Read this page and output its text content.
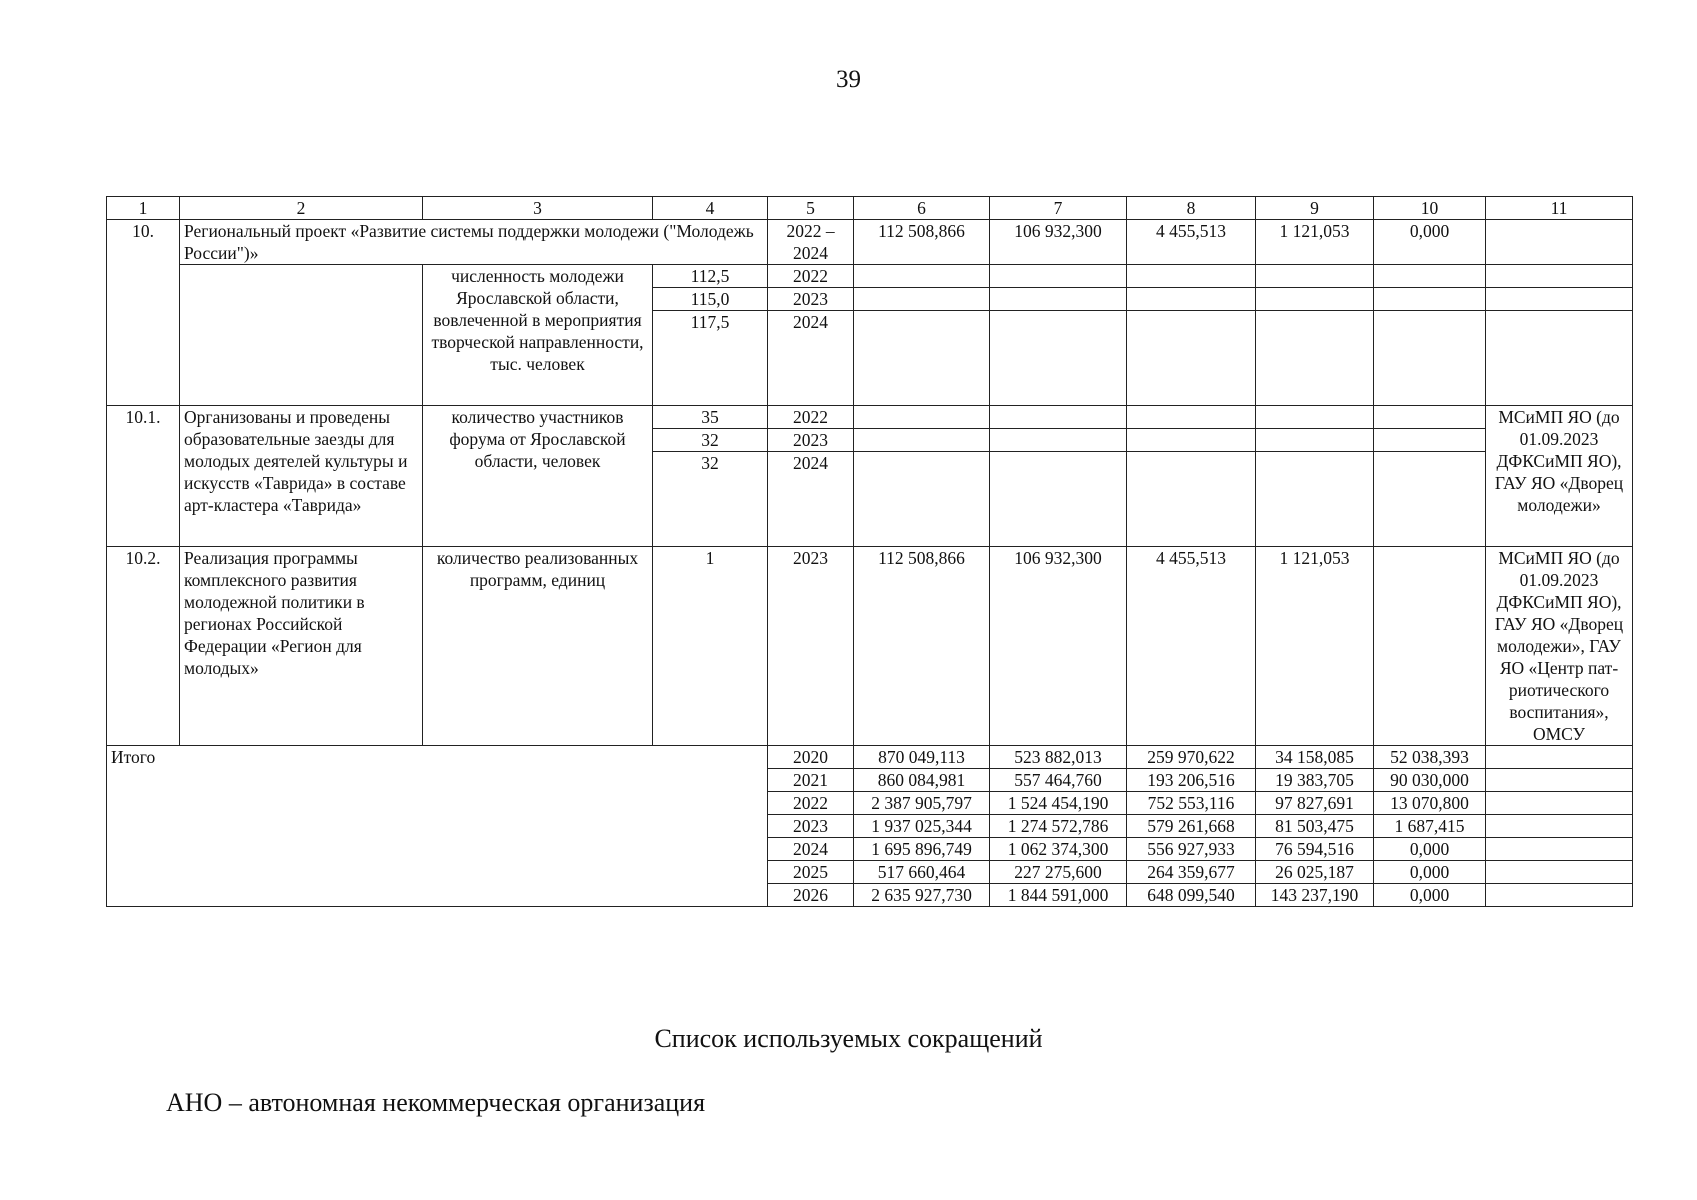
39
1	2	3	4	5	6	7	8	9	10	11
10.	Региональный проект «Развитие системы поддержки молодежи ("Молодежь России")»			2022 – 2024	112 508,866	106 932,300	4 455,513	1 121,053	0,000	
		численность молодежи Ярославской области, вовлеченной в мероприятия творческой направленности, тыс. человек	112,5	2022						
			115,0	2023						
			117,5	2024						
10.1.	Организованы и проведены образовательные заезды для молодых деятелей культуры и искусств «Таврида» в составе арт-кластера «Таврида»	количество участников форума от Ярославской области, человек	35	2022						МСиМП ЯО (до 01.09.2023 ДФКСиМП ЯО), ГАУ ЯО «Дворец молодежи»
			32	2023						
			32	2024						
10.2.	Реализация программы комплексного развития молодежной политики в регионах Российской Федерации «Регион для молодых»	количество реализованных программ, единиц	1	2023	112 508,866	106 932,300	4 455,513	1 121,053		МСиМП ЯО (до 01.09.2023 ДФКСиМП ЯО), ГАУ ЯО «Дворец молодежи», ГАУ ЯО «Центр пат-риотического воспитания», ОМСУ
Итого				2020	870 049,113	523 882,013	259 970,622	34 158,085	52 038,393	
				2021	860 084,981	557 464,760	193 206,516	19 383,705	90 030,000	
				2022	2 387 905,797	1 524 454,190	752 553,116	97 827,691	13 070,800	
				2023	1 937 025,344	1 274 572,786	579 261,668	81 503,475	1 687,415	
				2024	1 695 896,749	1 062 374,300	556 927,933	76 594,516	0,000	
				2025	517 660,464	227 275,600	264 359,677	26 025,187	0,000	
				2026	2 635 927,730	1 844 591,000	648 099,540	143 237,190	0,000	
Список используемых сокращений
АНО – автономная некоммерческая организация
